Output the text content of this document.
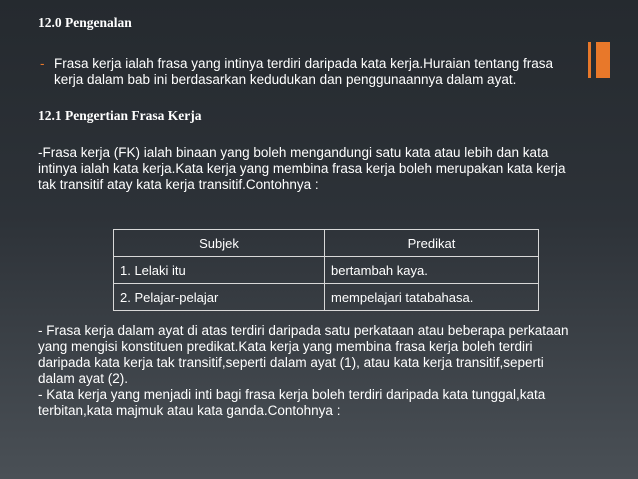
12.0 Pengenalan
- Frasa kerja ialah frasa yang intinya terdiri daripada kata kerja.Huraian tentang frasa
kerja dalam bab ini berdasarkan kedudukan dan penggunaannya dalam ayat.
12.1 Pengertian Frasa Kerja
-Frasa kerja (FK) ialah binaan yang boleh mengandungi satu kata atau lebih dan kata
intinya ialah kata kerja.Kata kerja yang membina frasa kerja boleh merupakan kata kerja
tak transitif atay kata kerja transitif.Contohnya :
Subjek	Predikat
1. Lelaki itu	bertambah kaya.
2. Pelajar-pelajar	mempelajari tatabahasa.
- Frasa kerja dalam ayat di atas terdiri daripada satu perkataan atau beberapa perkataan
yang mengisi konstituen predikat.Kata kerja yang membina frasa kerja boleh terdiri
daripada kata kerja tak transitif,seperti dalam ayat (1), atau kata kerja transitif,seperti
dalam ayat (2).
- Kata kerja yang menjadi inti bagi frasa kerja boleh terdiri daripada kata tunggal,kata
terbitan,kata majmuk atau kata ganda.Contohnya :
